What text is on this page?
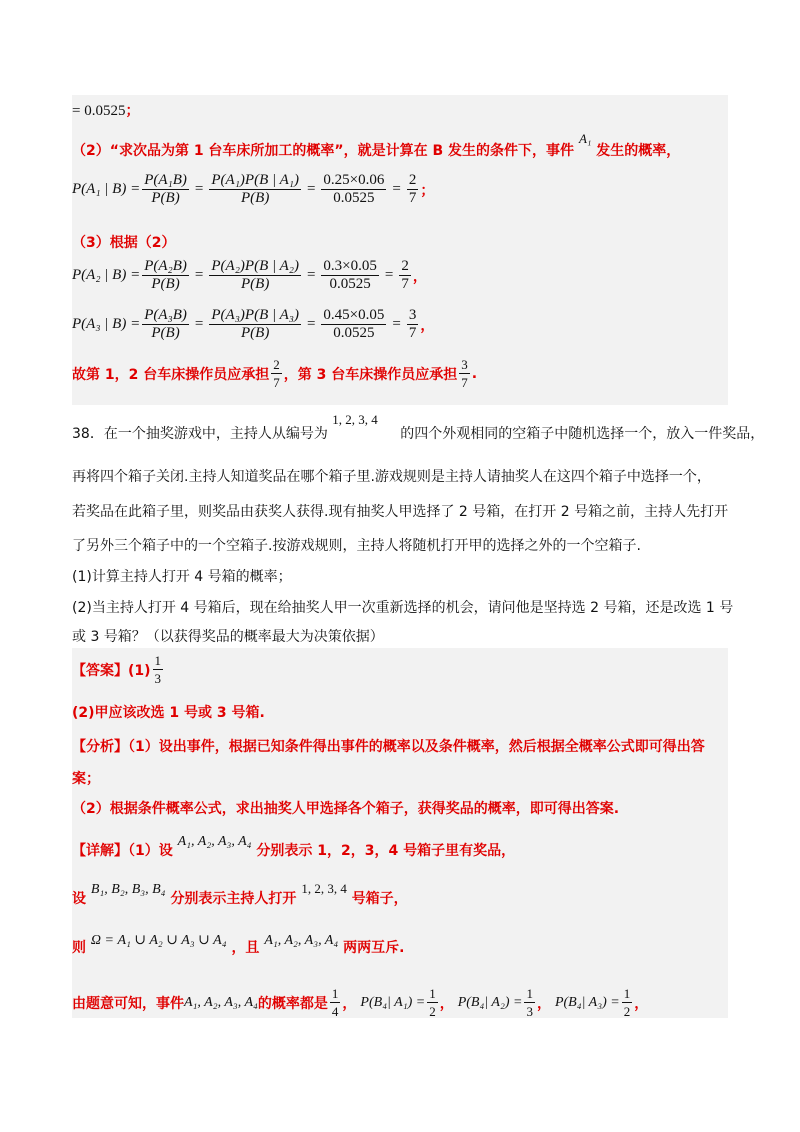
= 0.0525；
（2）“求次品为第 1 台车床所加工的概率”，就是计算在 B 发生的条件下，事件 A₁ 发生的概率，
P(A₁ | $B) = \frac{\text{P(A₁B)}}{P(B)} = \frac{\text{P(A₁)P(B | A₁)}}{P(B)} = \frac{0.25\times 0.06}{0.0525} = \frac{2}{7}$ ；
（3）根据（2）
P(A₂ | $B) = \frac{\text{P(A₂B)}}{P(B)} = \frac{\text{P(A₂)P(B | A₂)}}{P(B)} = \frac{0.3\times 0.05}{0.0525} = \frac{2}{7}$ ，
P(A₃ | $B) = \frac{\text{P(A₃B)}}{P(B)} = \frac{\text{P(A₃)P(B | A₃)}}{P(B)} = \frac{0.45\times 0.05}{0.0525} = \frac{3}{7}$ ，
故第 1，2 台车床操作员应承担 $\frac{2}{7}$ ，第 3 台车床操作员应承担 $\frac{3}{7}$ .
38．在一个抽奖游戏中，主持人从编号为 1, 2, 3, 4 的四个外观相同的空箱子中随机选择一个，放入一件奖品，
再将四个箱子关闭.主持人知道奖品在哪个箱子里.游戏规则是主持人请抽奖人在这四个箱子中选择一个，
若奖品在此箱子里，则奖品由获奖人获得.现有抽奖人甲选择了 2 号箱，在打开 2 号箱之前，主持人先打开
了另外三个箱子中的一个空箱子.按游戏规则，主持人将随机打开甲的选择之外的一个空箱子.
(1)计算主持人打开 4 号箱的概率；
(2)当主持人打开 4 号箱后，现在给抽奖人甲一次重新选择的机会，请问他是坚持选 2 号箱，还是改选 1 号
或 3 号箱？（以获得奖品的概率最大为决策依据）
【答案】$(1) \frac{1}{3}$
(2)甲应该改选 1 号或 3 号箱.
【分析】（1）设出事件，根据已知条件得出事件的概率以及条件概率，然后根据全概率公式即可得出答
案；
（2）根据条件概率公式，求出抽奖人甲选择各个箱子，获得奖品的概率，即可得出答案.
【详解】（1）设 A₁, A₂, A₃, A₄ 分别表示 1，2，3，4 号箱子里有奖品，
设 B₁, B₂, B₃, B₄ 分别表示主持人打开 1, 2, 3, 4 号箱子，
则 Ω = A₁ ∪ A₂ ∪ A₃ ∪ A₄ ，且 A₁, A₂, A₃, A₄ 两两互斥.
由题意可知，事件 A₁, A₂, A₃, A₄ 的概率都是 $\frac{1}{4}$ ， P(B₄| $A_1) = \frac{1}{2}$ ， P(B₄| $A_2) = \frac{1}{3}$ ， P(B₄| $A_3) = \frac{1}{2}$ ，
